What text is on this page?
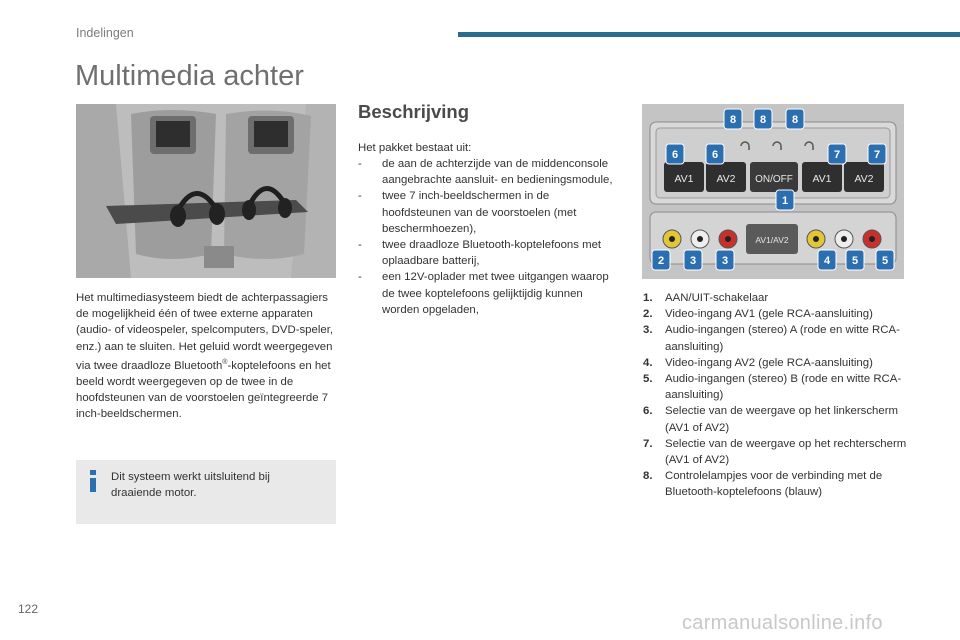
Indelingen
Multimedia achter
Het multimediasysteem biedt de achterpassagiers de mogelijkheid één of twee externe apparaten (audio- of videospeler, spelcomputers, DVD-speler, enz.) aan te sluiten. Het geluid wordt weergegeven via twee draadloze Bluetooth®-koptelefoons en het beeld wordt weergegeven op de twee in de hoofdsteunen van de voorstoelen geïntegreerde 7 inch-beeldschermen.
Dit systeem werkt uitsluitend bij draaiende motor.
Beschrijving
Het pakket bestaat uit:
- de aan de achterzijde van de middenconsole aangebrachte aansluit- en bedieningsmodule,
- twee 7 inch-beeldschermen in de hoofdsteunen van de voorstoelen (met beschermhoezen),
- twee draadloze Bluetooth-koptelefoons met oplaadbare batterij,
- een 12V-oplader met twee uitgangen waarop de twee koptelefoons gelijktijdig kunnen worden opgeladen,
AV1 AV2 ON/OFF AV1 AV2
AV1/AV2
8 8 8
6	6	7	7
1
2 3 3	4 5 5
1. AAN/UIT-schakelaar
2. Video-ingang AV1 (gele RCA-aansluiting)
3. Audio-ingangen (stereo) A (rode en witte RCA-aansluiting)
4. Video-ingang AV2 (gele RCA-aansluiting)
5. Audio-ingangen (stereo) B (rode en witte RCA-aansluiting)
6. Selectie van de weergave op het linkerscherm (AV1 of AV2)
7. Selectie van de weergave op het rechterscherm (AV1 of AV2)
8. Controlelampjes voor de verbinding met de Bluetooth-koptelefoons (blauw)
122
carmanualsonline.info
